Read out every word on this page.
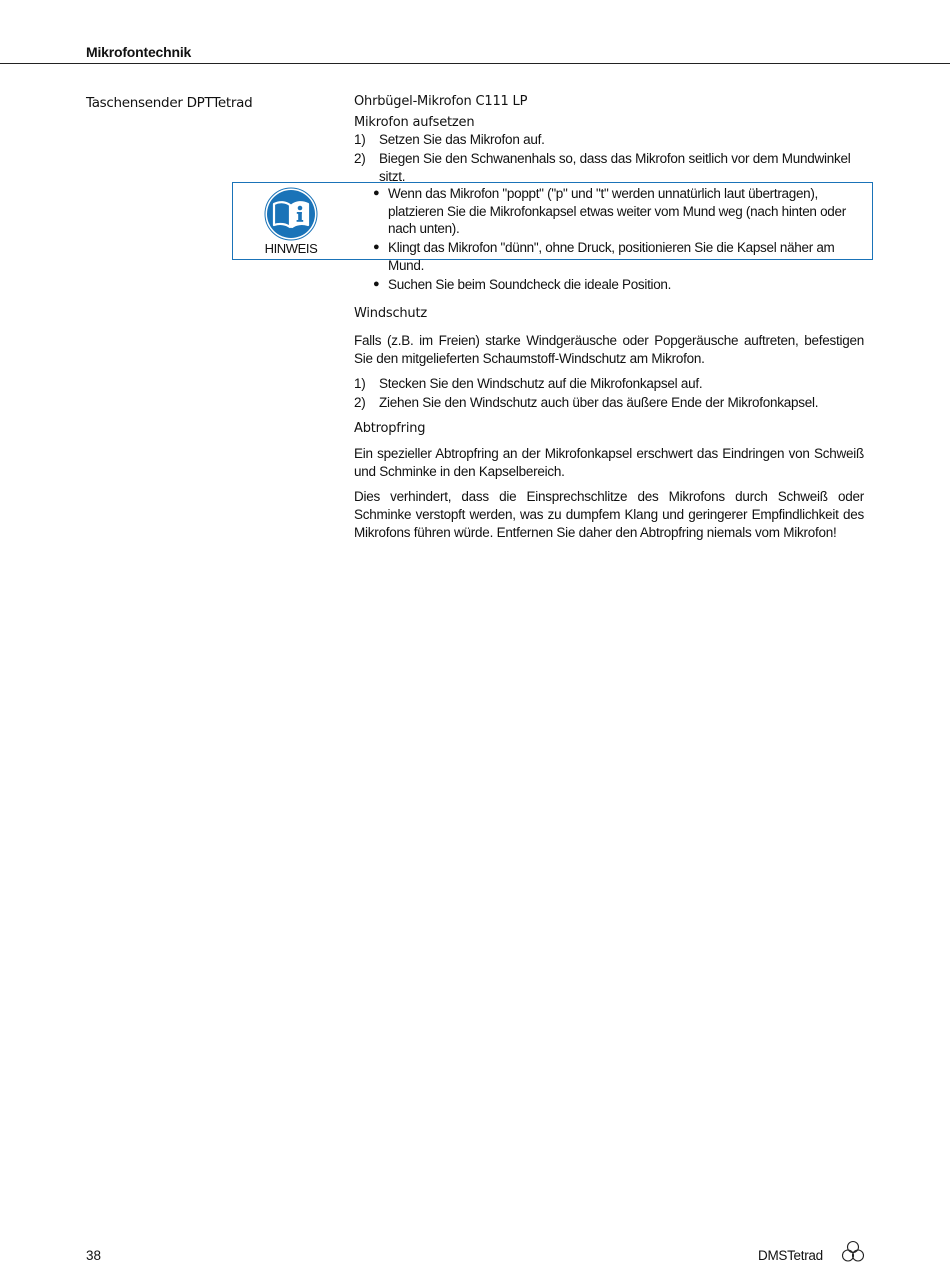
Mikrofontechnik
Taschensender DPTTetrad	Ohrbügel-Mikrofon C111 LP
Mikrofon aufsetzen
1) Setzen Sie das Mikrofon auf.
2) Biegen Sie den Schwanenhals so, dass das Mikrofon seitlich vor dem Mundwinkel sitzt.
HINWEIS
● Wenn das Mikrofon "poppt" ("p" und "t" werden unnatürlich laut übertragen), platzieren Sie die Mikrofonkapsel etwas weiter vom Mund weg (nach hinten oder nach unten).
● Klingt das Mikrofon "dünn", ohne Druck, positionieren Sie die Kapsel näher am Mund.
● Suchen Sie beim Soundcheck die ideale Position.
Windschutz

Falls (z.B. im Freien) starke Windgeräusche oder Popgeräusche auftreten, befestigen Sie den mitgelieferten Schaumstoff-Windschutz am Mikrofon.

1) Stecken Sie den Windschutz auf die Mikrofonkapsel auf.
2) Ziehen Sie den Windschutz auch über das äußere Ende der Mikrofonkapsel.
Abtropfring

Ein spezieller Abtropfring an der Mikrofonkapsel erschwert das Eindringen von Schweiß und Schminke in den Kapselbereich.

Dies verhindert, dass die Einsprechschlitze des Mikrofons durch Schweiß oder Schminke verstopft werden, was zu dumpfem Klang und geringerer Empfindlichkeit des Mikrofons führen würde. Entfernen Sie daher den Abtropfring niemals vom Mikrofon!

38	DMSTetrad
